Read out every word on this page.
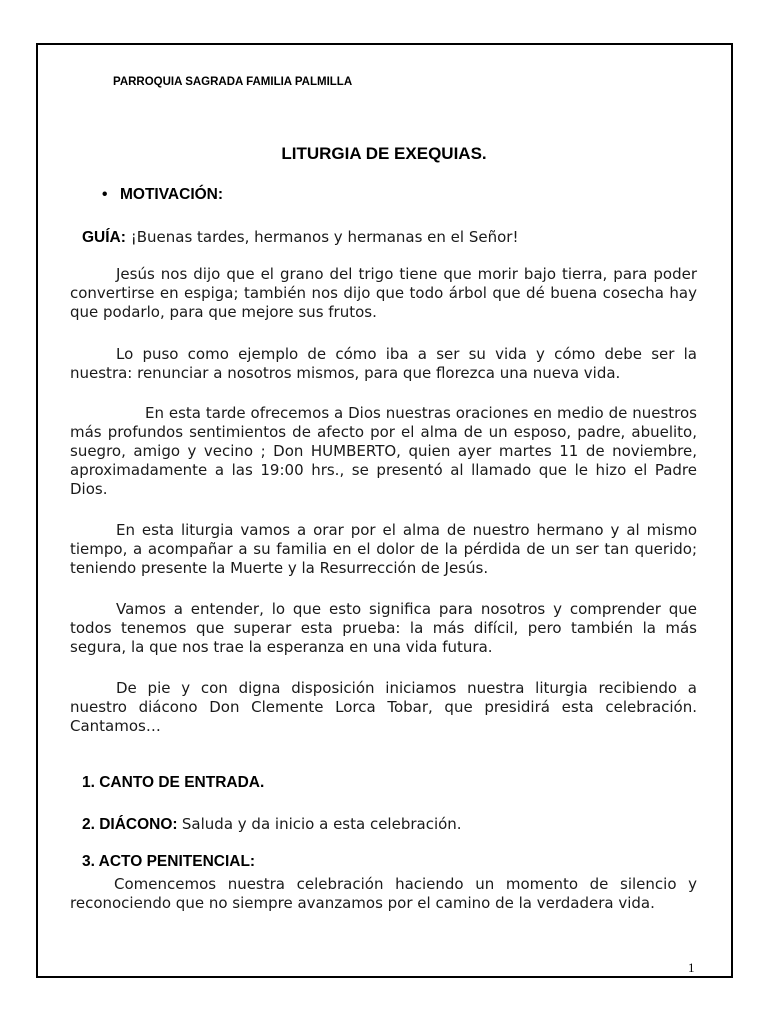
PARROQUIA SAGRADA FAMILIA PALMILLA
LITURGIA DE EXEQUIAS.
• MOTIVACIÓN:
GUÍA: ¡Buenas tardes, hermanos y hermanas en el Señor!
Jesús nos dijo que el grano del trigo tiene que morir bajo tierra, para poder convertirse en espiga; también nos dijo que todo árbol que dé buena cosecha hay que podarlo, para que mejore sus frutos.
Lo puso como ejemplo de cómo iba a ser su vida y cómo debe ser la nuestra: renunciar a nosotros mismos, para que florezca una nueva vida.
En esta tarde ofrecemos a Dios nuestras oraciones en medio de nuestros más profundos sentimientos de afecto por el alma de un esposo, padre, abuelito, suegro, amigo y vecino ; Don HUMBERTO, quien ayer martes 11 de noviembre, aproximadamente a las 19:00 hrs., se presentó al llamado que le hizo el Padre Dios.
En esta liturgia vamos a orar por el alma de nuestro hermano y al mismo tiempo, a acompañar a su familia en el dolor de la pérdida de un ser tan querido; teniendo presente la Muerte y la Resurrección de Jesús.
Vamos a entender, lo que esto significa para nosotros y comprender que todos tenemos que superar esta prueba: la más difícil, pero también la más segura, la que nos trae la esperanza en una vida futura.
De pie y con digna disposición iniciamos nuestra liturgia recibiendo a nuestro diácono Don Clemente Lorca Tobar, que presidirá esta celebración. Cantamos…
1. CANTO DE ENTRADA.
2. DIÁCONO: Saluda y da inicio a esta celebración.
3. ACTO PENITENCIAL:
Comencemos nuestra celebración haciendo un momento de silencio y reconociendo que no siempre avanzamos por el camino de la verdadera vida.
1
